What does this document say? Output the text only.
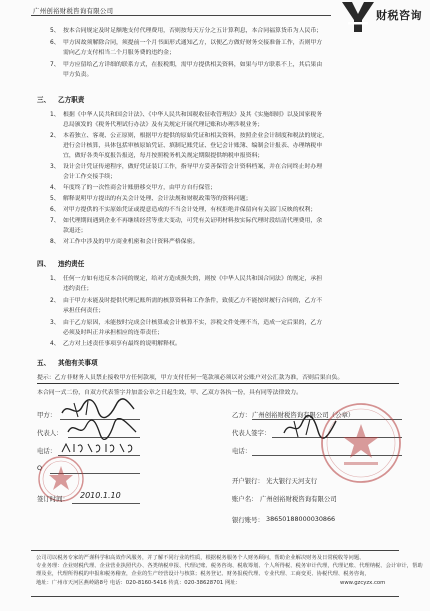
广州创裕财税咨询有限公司	财税咨询
5、 按本合同规定及时足额地支付代理费用，否则按每天万分之五计算利息，本合同福算货币为人民币；
6、 甲方因故须解除合同，须提前一个月书面形式通知乙方，以便乙方做好财务交接准备工作，否则甲方
需向乙方支付相当二个月服务费的违约金；
7、 甲方应留给乙方详细的联系方式，在报税期，需甲方提供相关资料，如果与甲方联系不上，其后果由
甲方负责。
三、 乙方职责
1、 根据《中华人民共和国会计法》、《中华人民共和国税收征收管理法》及其《实施细则》以及国家税务
总局颁发的《税务代理试行办法》及有关规定开展代理记账和办理涉税业务；
2、 本着独立、客观、公正原则，根据甲方提供的原始凭证和相关资料，按照企业会计制度和税法的规定，
进行会计核算，具体包括审核原始凭证、填制记账凭证、登记会计账簿、编制会计报表、办理纳税申
宜，做好各类年度报告报送，每月按照税务机关规定期限提供纳税申报资料；
3、 设计会计凭证传递程序，做好凭证装订工作，指导甲方妥善保管会计资料档案，并在合同终止时办理
会计工作交接手续；
4、 年度终了的一次性商会计账册移交甲方，由甲方自行保管；
5、 解释说明甲方提出的有关会计处理、会计法规和财税政策等的资料问题；
6、 对甲方提供的不实原始凭证或提意造成的不当会计处理，有权拒绝并保留向有关部门反映的权利；
7、 如代理期间遇到企业不再继续经营等重大变动，可凭有关证明材料按实际代理时段结清代理费用，余
款退还；
8、 对工作中涉及的甲方商业机密和会计资料严格保密。
四、 违约责任
1、 任何一方如有违反本合同的规定，给对方造成损失的，则按《中华人民共和国合同法》的规定，承担
违约责任；
2、 由于甲方未能及时提供代理记账所需的核算资料和工作条件，致使乙方不能按时履行合同的，乙方不
承担任何责任；
3、 由于乙方原因，未能按时完成会计核算或会计核算不实，涉税文件处理不当，造成一定后果的，乙方
必须及时纠正并承担相应的连带责任；
4、 乙方对上述责任事项享有最终的说明解释权。
五、 其他有关事项
提示：乙方非财务人员禁止接收甲方任何款项，甲方支付任何一笔款项必须以对公账户对公汇款为准，否则后果自负。
本合同一式二份，自双方代表签字并加盖公章之日起生效，甲、乙双方各执一份，具有同等法律效力。
甲方：
代表人：
电话：
Q
签订时间： 2010.1.10
乙方： 广州创裕财税咨询有限公司（公章）
代表人签字：
电话：
开户银行： 光大银行天河支行
账户名： 广州创裕财税咨询有限公司
银行账号： 38650188000030866
公司司以税务专家的严谨科学和高效作风服务，并了解不同行业的性质，根据税务服务个人财务顾问，帮助企业解决财务及日常税收等问题、
专业务理：企业财税代理、企业营业执照代办、各类纳税申报、代理记账、税务咨询、税收筹划、个人所得税、税务审计代理，代理记账、代理纳税、会计审计，帮助
理及业，代理所得税的申报和税务稽查，企业的生产经营设计与核算；税务登记、财务报税代理、专业代理、工商变更、协税代理、税务咨询，
地址：广州市天河区燕岭路8号 电话：020-8160-5416 传真：020-38628701 网址：	www.gzcyzx.com
